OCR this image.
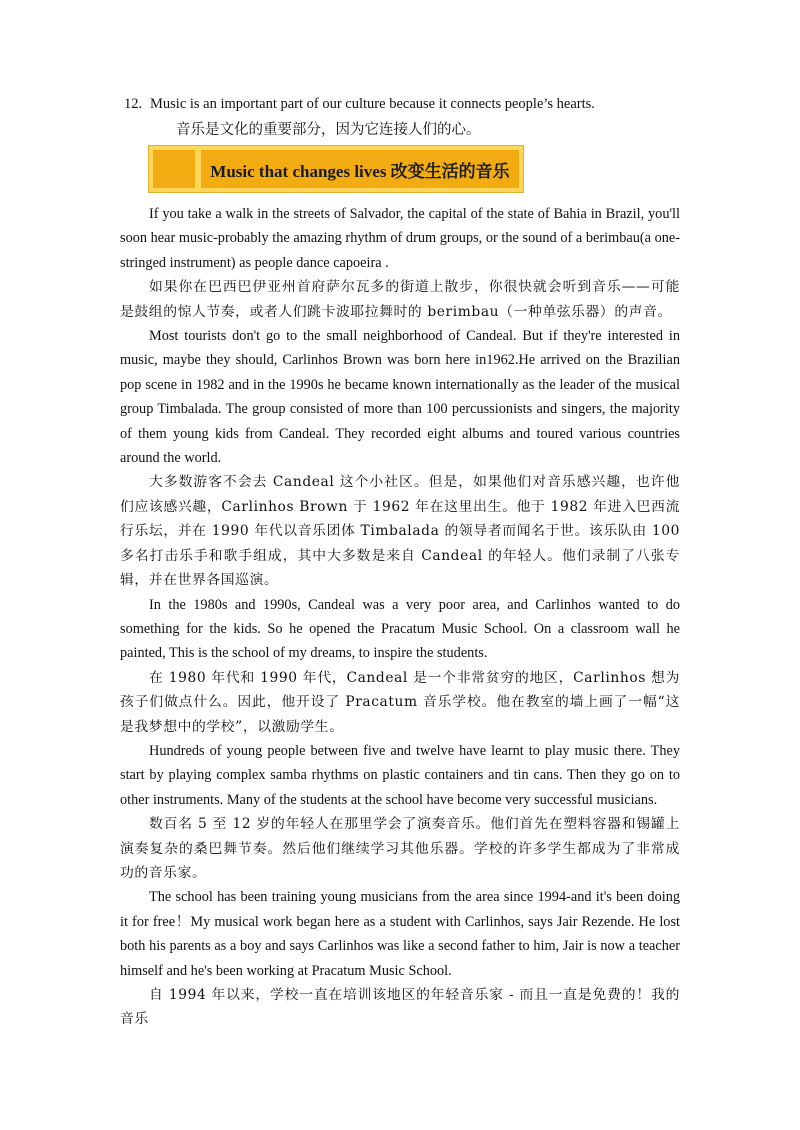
12. Music is an important part of our culture because it connects people’s hearts.
音乐是文化的重要部分，因为它连接人们的心。
Music that changes lives 改变生活的音乐

If you take a walk in the streets of Salvador, the capital of the state of Bahia in Brazil, you'll soon hear music-probably the amazing rhythm of drum groups, or the sound of a berimbau(a one-stringed instrument) as people dance capoeira .

如果你在巴西巴伊亚州首府萨尔瓦多的街道上散步，你很快就会听到音乐——可能是鼓组的惊人节奏，或者人们跳卡波耶拉舞时的 berimbau（一种单弦乐器）的声音。

Most tourists don't go to the small neighborhood of Candeal. But if they're interested in music, maybe they should, Carlinhos Brown was born here in1962.He arrived on the Brazilian pop scene in 1982 and in the 1990s he became known internationally as the leader of the musical group Timbalada. The group consisted of more than 100 percussionists and singers, the majority of them young kids from Candeal. They recorded eight albums and toured various countries around the world.

大多数游客不会去 Candeal 这个小社区。但是，如果他们对音乐感兴趣，也许他们应该感兴趣，Carlinhos Brown 于 1962 年在这里出生。他于 1982 年进入巴西流行乐坛，并在 1990 年代以音乐团体 Timbalada 的领导者而闻名于世。该乐队由 100 多名打击乐手和歌手组成，其中大多数是来自 Candeal 的年轻人。他们录制了八张专辑，并在世界各国巡演。

In the 1980s and 1990s, Candeal was a very poor area, and Carlinhos wanted to do something for the kids. So he opened the Pracatum Music School. On a classroom wall he painted, This is the school of my dreams, to inspire the students.

在 1980 年代和 1990 年代，Candeal 是一个非常贫穷的地区，Carlinhos 想为孩子们做点什么。因此，他开设了 Pracatum 音乐学校。他在教室的墙上画了一幅“这是我梦想中的学校”，以激励学生。

Hundreds of young people between five and twelve have learnt to play music there. They start by playing complex samba rhythms on plastic containers and tin cans. Then they go on to other instruments. Many of the students at the school have become very successful musicians.

数百名 5 至 12 岁的年轻人在那里学会了演奏音乐。他们首先在塑料容器和锡罐上演奏复杂的桑巴舞节奏。然后他们继续学习其他乐器。学校的许多学生都成为了非常成功的音乐家。

The school has been training young musicians from the area since 1994-and it's been doing it for free！My musical work began here as a student with Carlinhos, says Jair Rezende. He lost both his parents as a boy and says Carlinhos was like a second father to him, Jair is now a teacher himself and he's been working at Pracatum Music School.

自 1994 年以来，学校一直在培训该地区的年轻音乐家 - 而且一直是免费的！我的音乐
